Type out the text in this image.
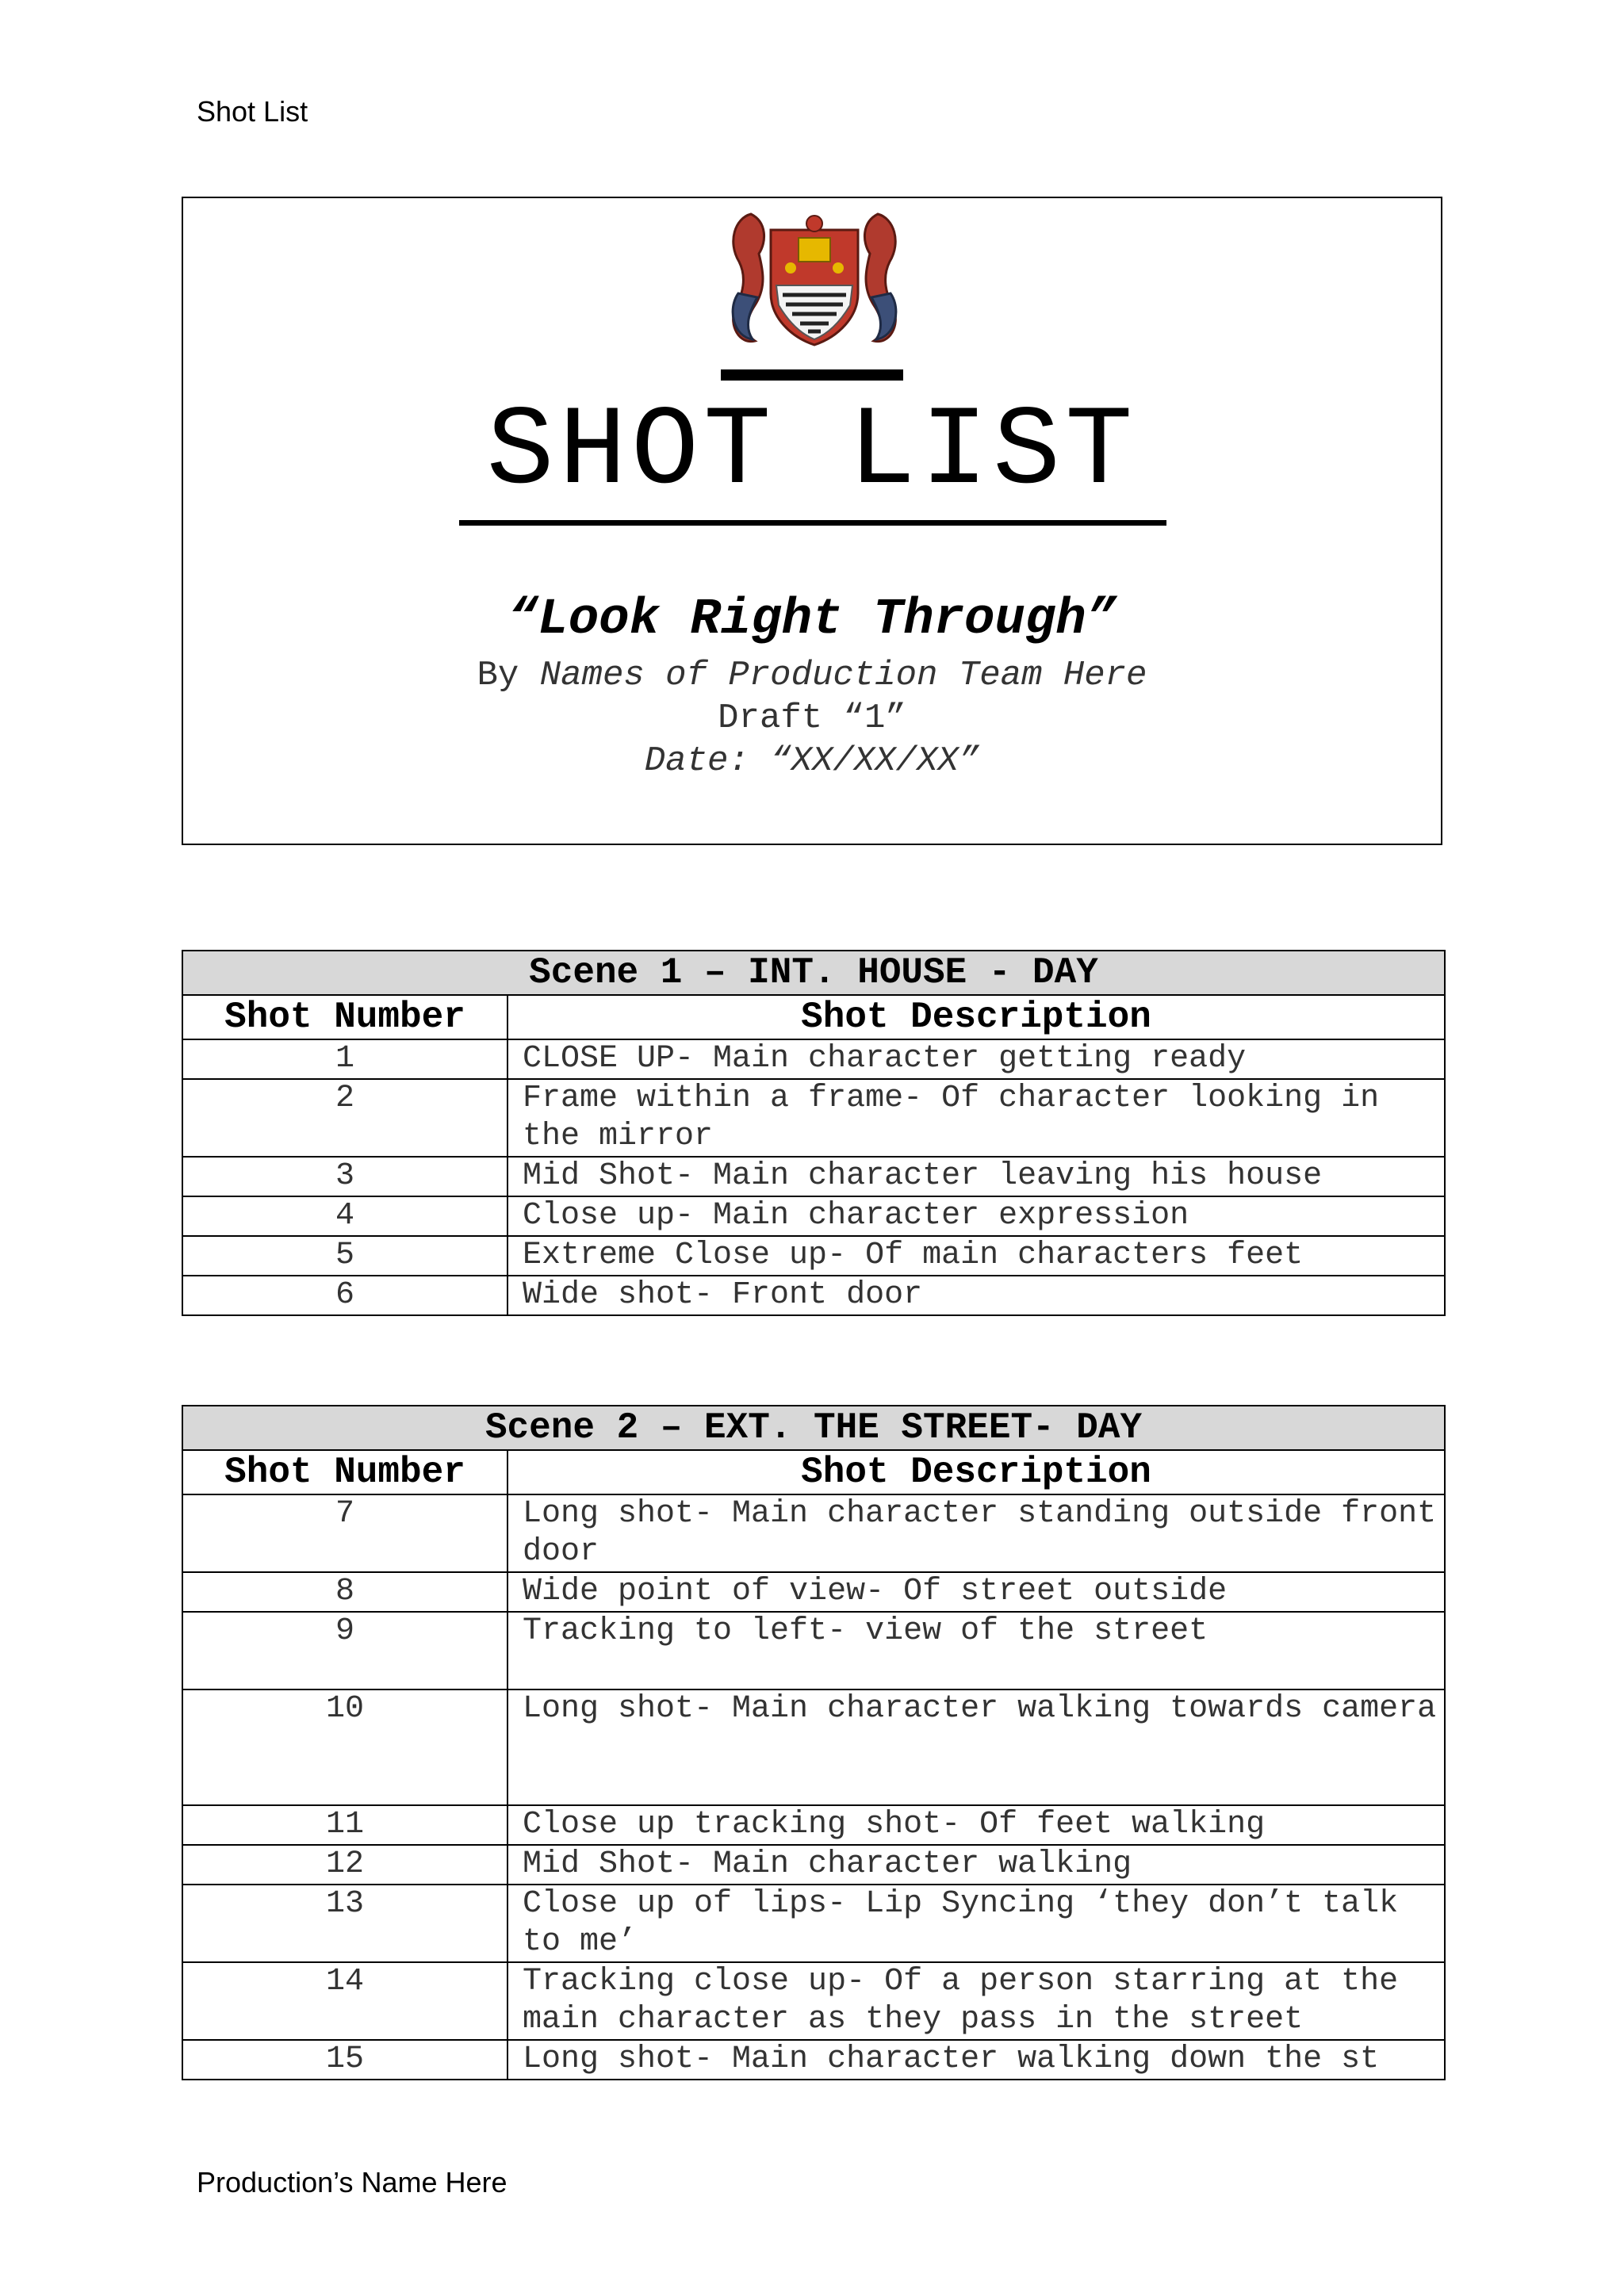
Shot List
SHOT LIST
“Look Right Through”
By Names of Production Team Here
Draft “1”
Date: “XX/XX/XX”
Scene 1 – INT. HOUSE - DAY	
Shot Number	Shot Description
1	CLOSE UP- Main character getting ready
2	Frame within a frame- Of character looking in the mirror
3	Mid Shot- Main character leaving his house
4	Close up- Main character expression
5	Extreme Close up- Of main characters feet
6	Wide shot- Front door
Scene 2 – EXT. THE STREET- DAY	
Shot Number	Shot Description
7	Long shot- Main character standing outside front door
8	Wide point of view- Of street outside
9	Tracking to left- view of the street
10	Long shot- Main character walking towards camera
11	Close up tracking shot- Of feet walking
12	Mid Shot- Main character walking
13	Close up of lips- Lip Syncing ‘they don’t talk to me’
14	Tracking close up- Of a person starring at the main character as they pass in the street
15	Long shot- Main character walking down the st
Production’s Name Here
